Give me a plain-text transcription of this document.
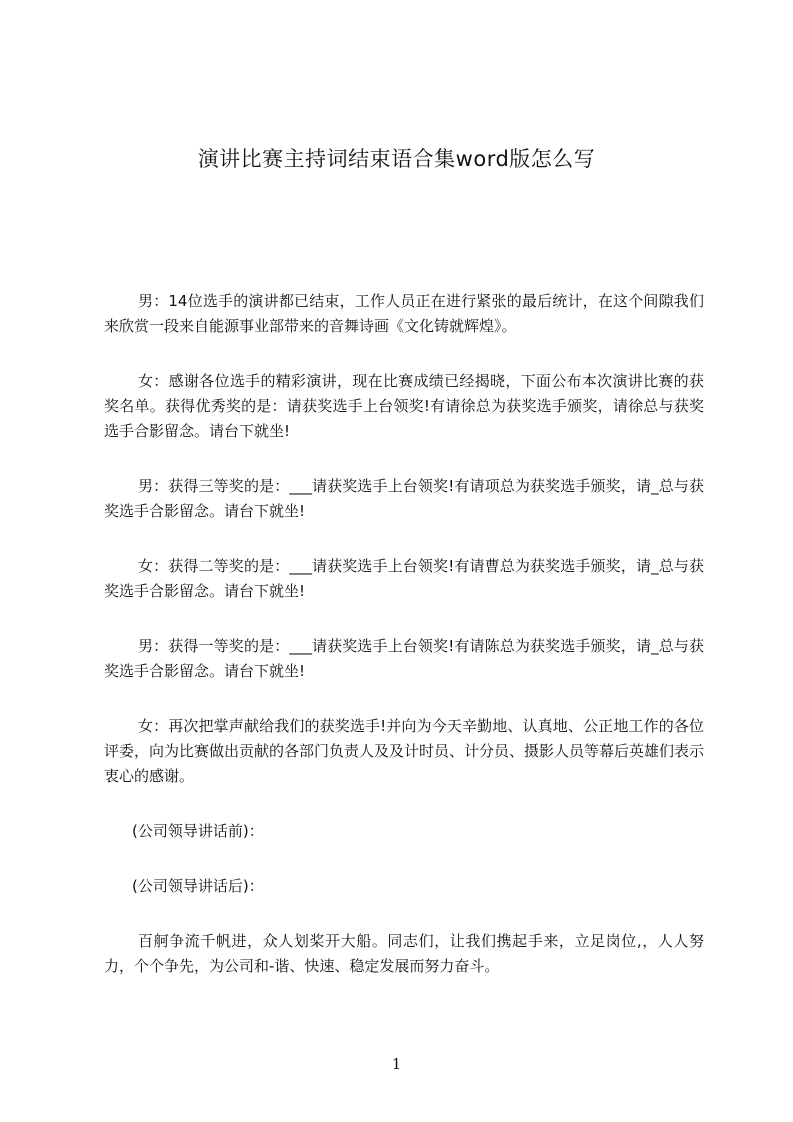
演讲比赛主持词结束语合集word版怎么写

男：14位选手的演讲都已结束，工作人员正在进行紧张的最后统计，在这个间隙我们来欣赏一段来自能源事业部带来的音舞诗画《文化铸就辉煌》。

女：感谢各位选手的精彩演讲，现在比赛成绩已经揭晓，下面公布本次演讲比赛的获奖名单。获得优秀奖的是：请获奖选手上台领奖!有请徐总为获奖选手颁奖，请徐总与获奖选手合影留念。请台下就坐!

男：获得三等奖的是：___请获奖选手上台领奖!有请项总为获奖选手颁奖，请_总与获奖选手合影留念。请台下就坐!

女：获得二等奖的是：___请获奖选手上台领奖!有请曹总为获奖选手颁奖，请_总与获奖选手合影留念。请台下就坐!

男：获得一等奖的是：___请获奖选手上台领奖!有请陈总为获奖选手颁奖，请_总与获奖选手合影留念。请台下就坐!

女：再次把掌声献给我们的获奖选手!并向为今天辛勤地、认真地、公正地工作的各位评委，向为比赛做出贡献的各部门负责人及及计时员、计分员、摄影人员等幕后英雄们表示衷心的感谢。

(公司领导讲话前)：

(公司领导讲话后)：

百舸争流千帆进，众人划桨开大船。同志们，让我们携起手来，立足岗位,，人人努力，个个争先，为公司和-谐、快速、稳定发展而努力奋斗。

1
